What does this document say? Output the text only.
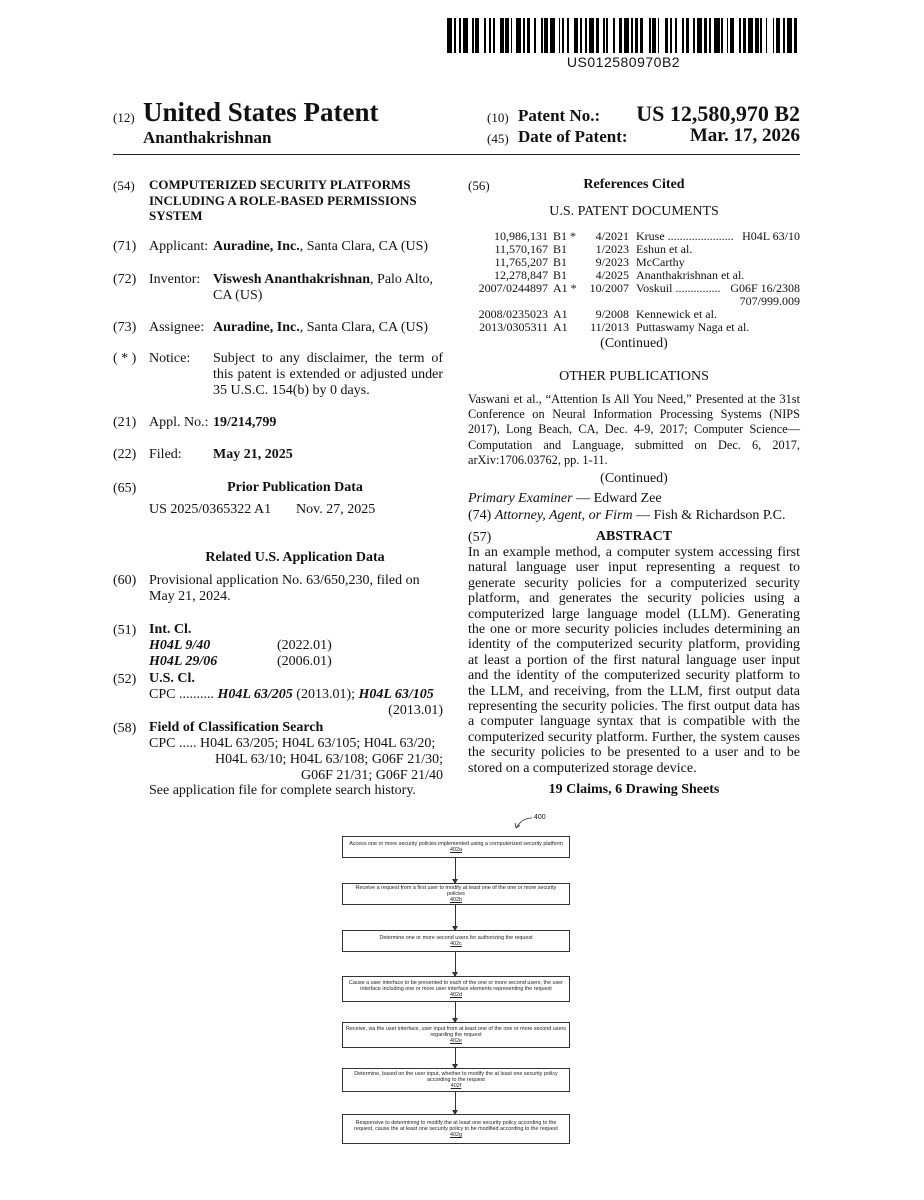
US012580970B2
(12) United States Patent
Ananthakrishnan
(10) Patent No.: US 12,580,970 B2
(45) Date of Patent:	Mar. 17, 2026
(54) COMPUTERIZED SECURITY PLATFORMS INCLUDING A ROLE-BASED PERMISSIONS SYSTEM
(71) Applicant: Auradine, Inc., Santa Clara, CA (US)
(72) Inventor: Viswesh Ananthakrishnan, Palo Alto, CA (US)
(73) Assignee: Auradine, Inc., Santa Clara, CA (US)
( * ) Notice: Subject to any disclaimer, the term of this patent is extended or adjusted under 35 U.S.C. 154(b) by 0 days.
(21) Appl. No.: 19/214,799
(22) Filed: May 21, 2025
(65)	Prior Publication Data
US 2025/0365322 A1 Nov. 27, 2025
Related U.S. Application Data
(60) Provisional application No. 63/650,230, filed on May 21, 2024.
(51) Int. Cl.
H04L 9/40	(2022.01)
H04L 29/06	(2006.01)
(52) U.S. Cl.
CPC .......... H04L 63/205 (2013.01); H04L 63/105
(2013.01)
(58) Field of Classification Search
CPC ..... H04L 63/205; H04L 63/105; H04L 63/20;
H04L 63/10; H04L 63/108; G06F 21/30;
G06F 21/31; G06F 21/40
See application file for complete search history.
(56)	References Cited
U.S. PATENT DOCUMENTS
10,986,131 B1 *	4/2021 Kruse ...................... H04L 63/10
11,570,167 B1	1/2023 Eshun et al.
11,765,207 B1	9/2023 McCarthy
12,278,847 B1	4/2025 Ananthakrishnan et al.
2007/0244897 A1 *	10/2007 Voskuil ............... G06F 16/2308
707/999.009
2008/0235023 A1	9/2008 Kennewick et al.
2013/0305311 A1	11/2013 Puttaswamy Naga et al.
(Continued)
OTHER PUBLICATIONS
Vaswani et al., “Attention Is All You Need,” Presented at the 31st Conference on Neural Information Processing Systems (NIPS 2017), Long Beach, CA, Dec. 4-9, 2017; Computer Science—Computation and Language, submitted on Dec. 6, 2017, arXiv:1706.03762, pp. 1-11.
(Continued)
Primary Examiner — Edward Zee
(74) Attorney, Agent, or Firm — Fish & Richardson P.C.
(57)	ABSTRACT
In an example method, a computer system accessing first natural language user input representing a request to generate security policies for a computerized security platform, and generates the security policies using a computerized large language model (LLM). Generating the one or more security policies includes determining an identity of the computerized security platform, providing at least a portion of the first natural language user input and the identity of the computerized security platform to the LLM, and receiving, from the LLM, first output data representing the security policies. The first output data has a computer language syntax that is compatible with the computerized security platform. Further, the system causes the security policies to be presented to a user and to be stored on a computerized storage device.
19 Claims, 6 Drawing Sheets
400
Access one or more security policies implemented using a computerized security platform
402a
Receive a request from a first user to modify at least one of the one or more security policies
402b
Determine one or more second users for authorizing the request
402c
Cause a user interface to be presented to each of the one or more second users, the user interface including one or more user interface elements representing the request
402d
Receive, via the user interface, user input from at least one of the one or more second users regarding the request
402e
Determine, based on the user input, whether to modify the at least one security policy according to the request
402f
Responsive to determining to modify the at least one security policy according to the request, cause the at least one security policy to be modified according to the request
402g
